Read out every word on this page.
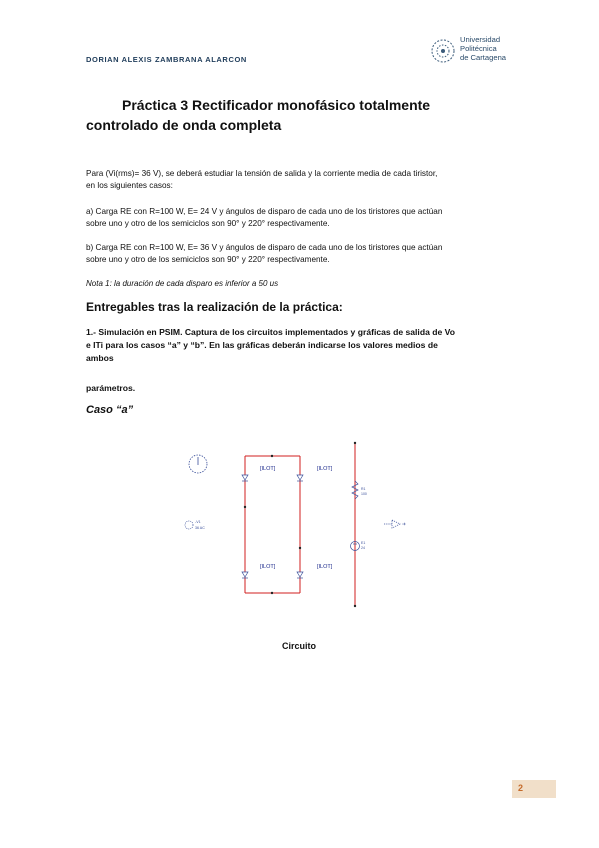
DORIAN ALEXIS ZAMBRANA ALARCON
Universidad
Politécnica
de Cartagena
Práctica 3 Rectificador monofásico totalmente
controlado de onda completa
Para (Vi(rms)= 36 V), se deberá estudiar la tensión de salida y la corriente media de cada tiristor,
en los siguientes casos:
a) Carga RE con R=100 W, E= 24 V y ángulos de disparo de cada uno de los tiristores que actúan
sobre uno y otro de los semiciclos son 90° y 220° respectivamente.
b) Carga RE con R=100 W, E= 36 V y ángulos de disparo de cada uno de los tiristores que actúan
sobre uno y otro de los semiciclos son 90° y 220° respectivamente.
Nota 1: la duración de cada disparo es inferior a 50 us
Entregables tras la realización de la práctica:
1.- Simulación en PSIM. Captura de los circuitos implementados y gráficas de salida de Vo
e ITi para los casos “a” y “b”. En las gráficas deberán indicarse los valores medios de
ambos
parámetros.
Caso “a”
-V1
36 AC
[ILOT]	[ILOT]
[ILOT]	[ILOT]
R1
100
E1
24
Circuito
2
